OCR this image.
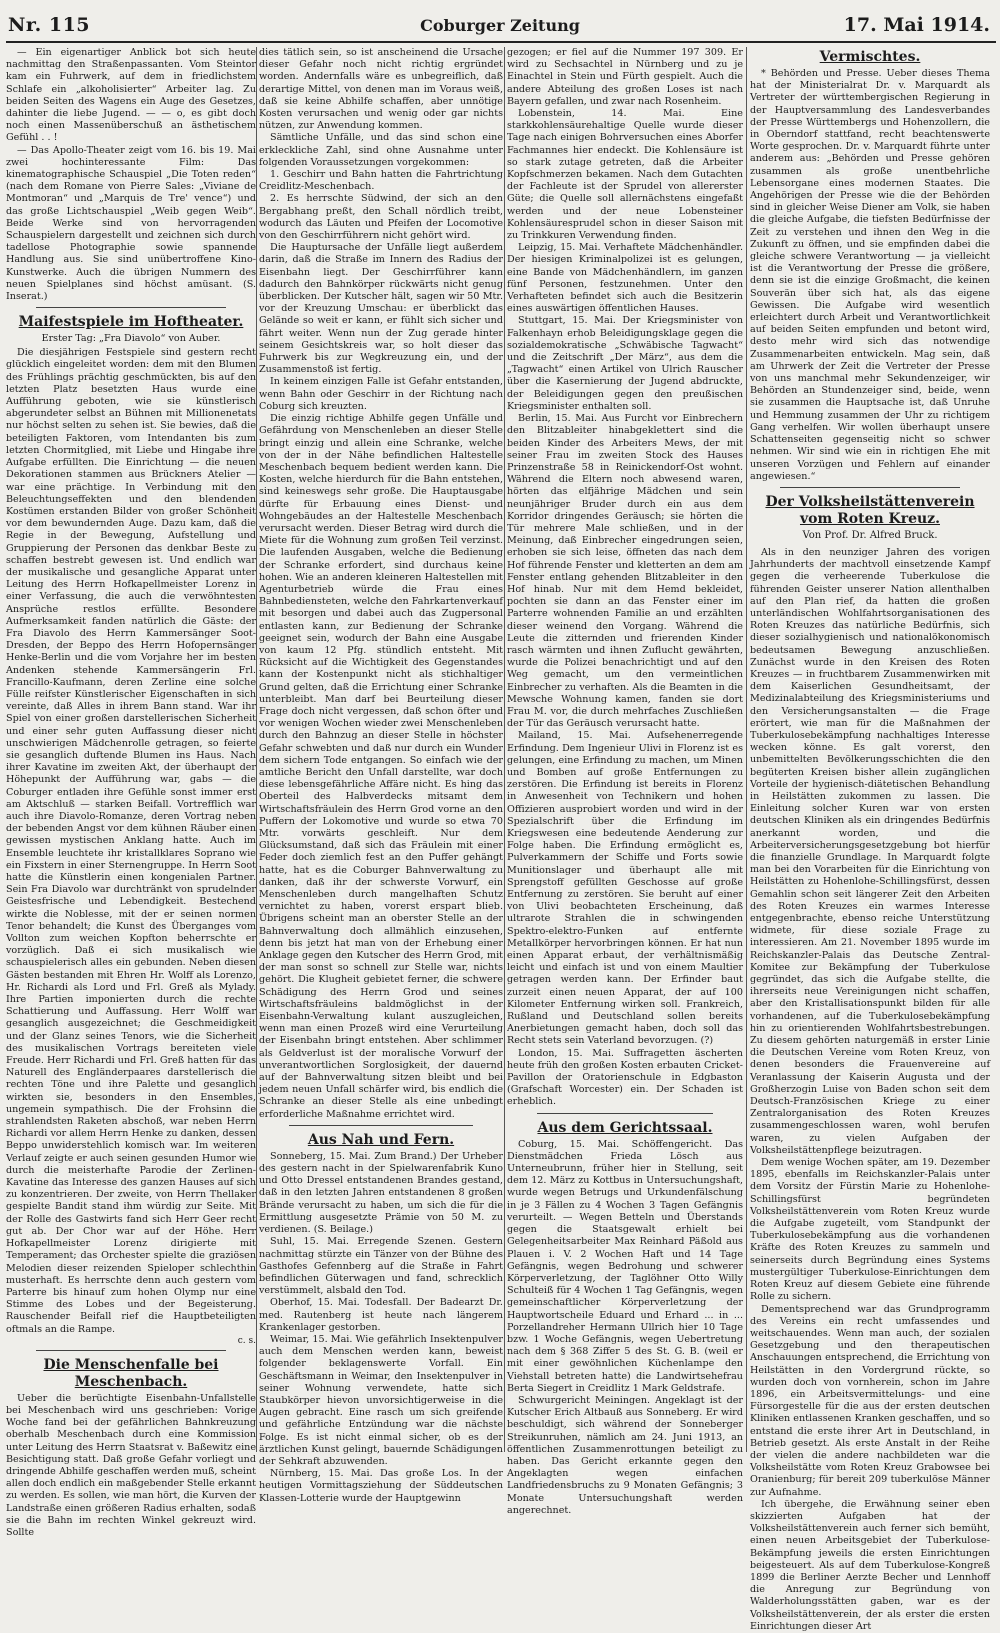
Nr. 115	Coburger Zeitung	17. Mai 1914.

— Ein eigenartiger Anblick bot sich heute nachmittag den Straßenpassanten. Vom Steintor kam ein Fuhrwerk, auf dem in friedlichstem Schlafe ein „alkoholisierter“ Arbeiter lag. Zu beiden Seiten des Wagens ein Auge des Gesetzes, dahinter die liebe Jugend. — — o, es gibt doch noch einen Massenüberschuß an ästhetischem Gefühl . . !

— Das Apollo-Theater zeigt vom 16. bis 19. Mai zwei hochinteressante Film: Das kinematographische Schauspiel „Die Toten reden“ (nach dem Romane von Pierre Sales: „Viviane de Montmoran“ und „Marquis de Tre' vence“) und das große Lichtschauspiel „Weib gegen Weib“. Beide Werke sind von hervorragenden Schauspielern dargestellt und zeichnen sich durch tadellose Photographie sowie spannende Handlung aus. Sie sind unübertroffene Kino-Kunstwerke. Auch die übrigen Nummern des neuen Spielplanes sind höchst amüsant. (S. Inserat.)

Maifestspiele im Hoftheater.
Erster Tag: „Fra Diavolo“ von Auber.

Die diesjährigen Festspiele sind gestern recht glücklich eingeleitet worden: dem mit den Blumen des Frühlings prächtig geschmückten, bis auf den letzten Platz besetzten Haus wurde eine Aufführung geboten, wie sie künstlerisch abgerundeter selbst an Bühnen mit Millionenetats nur höchst selten zu sehen ist. Sie bewies, daß die beteiligten Faktoren, vom Intendanten bis zum letzten Chormitglied, mit Liebe und Hingabe ihre Aufgabe erfüllten. Die Einrichtung — die neuen Dekorationen stammen aus Brückners Atelier — war eine prächtige. In Verbindung mit den Beleuchtungseffekten und den blendenden Kostümen erstanden Bilder von großer Schönheit vor dem bewundernden Auge. Dazu kam, daß die Regie in der Bewegung, Aufstellung und Gruppierung der Personen das denkbar Beste zu schaffen bestrebt gewesen ist. Und endlich war der musikalische und gesangliche Apparat unter Leitung des Herrn Hofkapellmeister Lorenz in einer Verfassung, die auch die verwöhntesten Ansprüche restlos erfüllte. Besondere Aufmerksamkeit fanden natürlich die Gäste: der Fra Diavolo des Herrn Kammersänger Soot-Dresden, der Beppo des Herrn Hofopernsänger Henke-Berlin und die vom Vorjahre her im besten Andenken stehende Kammersängerin Frl. Francillo-Kaufmann, deren Zerline eine solche Fülle reifster Künstlerischer Eigenschaften in sich vereinte, daß Alles in ihrem Bann stand. War ihr Spiel von einer großen darstellerischen Sicherheit und einer sehr guten Auffassung dieser nicht unschwierigen Mädchenrolle getragen, so feierte sie gesanglich duftende Blumen ins Haus. Nach ihrer Kavatine im zweiten Akt, der überhaupt der Höhepunkt der Aufführung war, gabs — die Coburger entladen ihre Gefühle sonst immer erst am Aktschluß — starken Beifall. Vortrefflich war auch ihre Diavolo-Romanze, deren Vortrag neben der bebenden Angst vor dem kühnen Räuber einen gewissen mystischen Anklang hatte. Auch im Ensemble leuchtete ihr kristallklares Soprano wie ein Fixstern in einer Sternengruppe. In Herrn Soot hatte die Künstlerin einen kongenialen Partner. Sein Fra Diavolo war durchtränkt von sprudelnder Geistesfrische und Lebendigkeit. Bestechend wirkte die Noblesse, mit der er seinen normen Tenor behandelt; die Kunst des Überganges vom Vollton zum weichen Kopfton beherrschte er vorzüglich. Daß ei sich musikalisch wie schauspielerisch alles ein gebunden. Neben diesen Gästen bestanden mit Ehren Hr. Wolff als Lorenzo, Hr. Richardi als Lord und Frl. Greß als Mylady. Ihre Partien imponierten durch die rechte Schattierung und Auffassung. Herr Wolff war gesanglich ausgezeichnet; die Geschmeidigkeit und der Glanz seines Tenors, wie die Sicherheit des musikalischen Vortrags bereiteten viele Freude. Herr Richardi und Frl. Greß hatten für das Naturell des Engländerpaares darstellerisch die rechten Töne und ihre Palette und gesanglich wirkten sie, besonders in den Ensembles, ungemein sympathisch. Die der Frohsinn die strahlendsten Raketen abschoß, war neben Herrn Richardi vor allem Herrn Henke zu danken, dessen Beppo unwiderstehlich komisch war. Im weiteren Verlauf zeigte er auch seinen gesunden Humor wie durch die meisterhafte Parodie der Zerlinen-Kavatine das Interesse des ganzen Hauses auf sich zu konzentrieren. Der zweite, von Herrn Thellaker gespielte Bandit stand ihm würdig zur Seite. Mit der Rolle des Gastwirts fand sich Herr Geer recht gut ab. Der Chor war auf der Höhe. Herr Hofkapellmeister Lorenz dirigierte mit Temperament; das Orchester spielte die graziösen Melodien dieser reizenden Spieloper schlechthin musterhaft. Es herrschte denn auch gestern vom Parterre bis hinauf zum hohen Olymp nur eine Stimme des Lobes und der Begeisterung. Rauschender Beifall rief die Hauptbeteiligten oftmals an die Rampe.

c. s.
Die Menschenfalle bei Meschenbach.

Ueber die berüchtigte Eisenbahn-Unfallstelle bei Meschenbach wird uns geschrieben: Vorige Woche fand bei der gefährlichen Bahnkreuzung oberhalb Meschenbach durch eine Kommission unter Leitung des Herrn Staatsrat v. Baßewitz eine Besichtigung statt. Daß große Gefahr vorliegt und dringende Abhilfe geschaffen werden muß, scheint allen doch endlich ein maßgebender Stelle erkannt zu werden. Es sollen, wie man hört, die Kurven der Landstraße einen größeren Radius erhalten, sodaß sie die Bahn im rechten Winkel gekreuzt wird. Sollte

dies tätlich sein, so ist anscheinend die Ursache dieser Gefahr noch nicht richtig ergründet worden. Andernfalls wäre es unbegreiflich, daß derartige Mittel, von denen man im Voraus weiß, daß sie keine Abhilfe schaffen, aber unnötige Kosten verursachen und wenig oder gar nichts nützen, zur Anwendung kommen.

Sämtliche Unfälle, und das sind schon eine erkleckliche Zahl, sind ohne Ausnahme unter folgenden Voraussetzungen vorgekommen:

1. Geschirr und Bahn hatten die Fahrtrichtung Creidlitz-Meschenbach.

2. Es herrschte Südwind, der sich an den Bergabhang preßt, den Schall nördlich treibt, wodurch das Läuten und Pfeifen der Locomotive von den Geschirrführern nicht gehört wird.

Die Hauptursache der Unfälle liegt außerdem darin, daß die Straße im Innern des Radius der Eisenbahn liegt. Der Geschirrführer kann dadurch den Bahnkörper rückwärts nicht genug überblicken. Der Kutscher hält, sagen wir 50 Mtr. vor der Kreuzung Umschau: er überblickt das Gelände so weit er kann, er fühlt sich sicher und fährt weiter. Wenn nun der Zug gerade hinter seinem Gesichtskreis war, so holt dieser das Fuhrwerk bis zur Wegkreuzung ein, und der Zusammenstoß ist fertig.

In keinem einzigen Falle ist Gefahr entstanden, wenn Bahn oder Geschirr in der Richtung nach Coburg sich kreuzten.

Die einzig richtige Abhilfe gegen Unfälle und Gefährdung von Menschenleben an dieser Stelle bringt einzig und allein eine Schranke, welche von der in der Nähe befindlichen Haltestelle Meschenbach bequem bedient werden kann. Die Kosten, welche hierdurch für die Bahn entstehen, sind keineswegs sehr große. Die Hauptausgabe dürfte für Erbauung eines Dienst- und Wohngebäudes an der Haltestelle Meschenbach verursacht werden. Dieser Betrag wird durch die Miete für die Wohnung zum großen Teil verzinst. Die laufenden Ausgaben, welche die Bedienung der Schranke erfordert, sind durchaus keine hohen. Wie an anderen kleineren Haltestellen mit Agenturbetrieb würde die Frau eines Bahnbediensteten, welche den Fahrkartenverkauf mit besorgen und dabei auch das Zugpersonal entlasten kann, zur Bedienung der Schranke geeignet sein, wodurch der Bahn eine Ausgabe von kaum 12 Pfg. stündlich entsteht. Mit Rücksicht auf die Wichtigkeit des Gegenstandes kann der Kostenpunkt nicht als stichhaltiger Grund gelten, daß die Errichtung einer Schranke unterbleibt. Man darf bei Beurteilung dieser Frage doch nicht vergessen, daß schon öfter und vor wenigen Wochen wieder zwei Menschenleben durch den Bahnzug an dieser Stelle in höchster Gefahr schwebten und daß nur durch ein Wunder dem sichern Tode entgangen. So einfach wie der amtliche Bericht den Unfall darstellte, war doch diese lebensgefährliche Affäre nicht. Es hing das Oberteil des Halbverdecks mitsamt dem Wirtschaftsfräulein des Herrn Grod vorne an den Puffern der Lokomotive und wurde so etwa 70 Mtr. vorwärts geschleift. Nur dem Glücksumstand, daß sich das Fräulein mit einer Feder doch ziemlich fest an den Puffer gehängt hatte, hat es die Coburger Bahnverwaltung zu danken, daß ihr der schwerste Vorwurf, ein Menschenleben durch mangelhaften Schutz vernichtet zu haben, vorerst erspart blieb. Übrigens scheint man an oberster Stelle an der Bahnverwaltung doch allmählich einzusehen, denn bis jetzt hat man von der Erhebung einer Anklage gegen den Kutscher des Herrn Grod, mit der man sonst so schnell zur Stelle war, nichts gehört. Die Klugheit gebietet ferner, die schwere Schädigung des Herrn Grod und seines Wirtschaftsfräuleins baldmöglichst in der Eisenbahn-Verwaltung kulant auszugleichen, wenn man einen Prozeß wird eine Verurteilung der Eisenbahn bringt entstehen. Aber schlimmer als Geldverlust ist der moralische Vorwurf der unverantwortlichen Sorglosigkeit, der dauernd auf der Bahnverwaltung sitzen bleibt und bei jedem neuen Unfall schärfer wird, bis endlich die Schranke an dieser Stelle als eine unbedingt erforderliche Maßnahme errichtet wird.

Aus Nah und Fern.

Sonneberg, 15. Mai. Zum Brand.) Der Urheber des gestern nacht in der Spielwarenfabrik Kuno und Otto Dressel entstandenen Brandes gestand, daß in den letzten Jahren entstandenen 8 großen Brände verursacht zu haben, um sich die für die Ermittlung ausgesetzte Prämie von 50 M. zu verdienen. (S. Beilage.)

Suhl, 15. Mai. Erregende Szenen. Gestern nachmittag stürzte ein Tänzer von der Bühne des Gasthofes Gefennberg auf die Straße in Fahrt befindlichen Güterwagen und fand, schrecklich verstümmelt, alsbald den Tod.

Oberhof, 15. Mai. Todesfall. Der Badearzt Dr. med. Rautenberg ist heute nach längerem Krankenlager gestorben.

Weimar, 15. Mai. Wie gefährlich Insektenpulver auch dem Menschen werden kann, beweist folgender beklagenswerte Vorfall. Ein Geschäftsmann in Weimar, den Insektenpulver in seiner Wohnung verwendete, hatte sich Staubkörper hievon unvorsichtigerweise in die Augen gebracht. Eine rasch um sich greifende und gefährliche Entzündung war die nächste Folge. Es ist nicht einmal sicher, ob es der ärztlichen Kunst gelingt, bauernde Schädigungen der Sehkraft abzuwenden.

Nürnberg, 15. Mai. Das große Los. In der heutigen Vormittagsziehung der Süddeutschen Klassen-Lotterie wurde der Hauptgewinn

gezogen; er fiel auf die Nummer 197 309. Er wird zu Sechsachtel in Nürnberg und zu je Einachtel in Stein und Fürth gespielt. Auch die andere Abteilung des großen Loses ist nach Bayern gefallen, und zwar nach Rosenheim.

Lobenstein, 14. Mai. Eine starkkohlensäurehaltige Quelle wurde dieser Tage nach einigen Bohrversuchen eines Aborfer Fachmannes hier endeckt. Die Kohlensäure ist so stark zutage getreten, daß die Arbeiter Kopfschmerzen bekamen. Nach dem Gutachten der Fachleute ist der Sprudel von allererster Güte; die Quelle soll allernächstens eingefaßt werden und der neue Lobensteiner Kohlensäuresprudel schon in dieser Saison mit zu Trinkkuren Verwendung finden.

Leipzig, 15. Mai. Verhaftete Mädchenhändler. Der hiesigen Kriminalpolizei ist es gelungen, eine Bande von Mädchenhändlern, im ganzen fünf Personen, festzunehmen. Unter den Verhafteten befindet sich auch die Besitzerin eines auswärtigen öffentlichen Hauses.

Stuttgart, 15. Mai. Der Kriegsminister von Falkenhayn erhob Beleidigungsklage gegen die sozialdemokratische „Schwäbische Tagwacht“ und die Zeitschrift „Der März“, aus dem die „Tagwacht“ einen Artikel von Ulrich Rauscher über die Kasernierung der Jugend abdruckte, der Beleidigungen gegen den preußischen Kriegsminister enthalten soll.

Berlin, 15. Mai. Aus Furcht vor Einbrechern den Blitzableiter hinabgeklettert sind die beiden Kinder des Arbeiters Mews, der mit seiner Frau im zweiten Stock des Hauses Prinzenstraße 58 in Reinickendorf-Ost wohnt. Während die Eltern noch abwesend waren, hörten das elfjährige Mädchen und sein neunjähriger Bruder durch ein aus dem Korridor dringendes Geräusch; sie hörten die Tür mehrere Male schließen, und in der Meinung, daß Einbrecher eingedrungen seien, erhoben sie sich leise, öffneten das nach dem Hof führende Fenster und kletterten an dem am Fenster entlang gehenden Blitzableiter in den Hof hinab. Nur mit dem Hemd bekleidet, pochten sie dann an das Fenster einer im Parterre wohnenden Familie an und erzählten dieser weinend den Vorgang. Während die Leute die zitternden und frierenden Kinder rasch wärmten und ihnen Zuflucht gewährten, wurde die Polizei benachrichtigt und auf den Weg gemacht, um den vermeintlichen Einbrecher zu verhaften. Als die Beamten in die Mewsche Wohnung kamen, fanden sie dort Frau M. vor, die durch mehrfaches Zuschließen der Tür das Geräusch verursacht hatte.

Mailand, 15. Mai. Aufsehenerregende Erfindung. Dem Ingenieur Ulivi in Florenz ist es gelungen, eine Erfindung zu machen, um Minen und Bomben auf große Entfernungen zu zerstören. Die Erfindung ist bereits in Florenz in Anwesenheit von Technikern und hohen Offizieren ausprobiert worden und wird in der Spezialschrift über die Erfindung im Kriegswesen eine bedeutende Aenderung zur Folge haben. Die Erfindung ermöglicht es, Pulverkammern der Schiffe und Forts sowie Munitionslager und überhaupt alle mit Sprengstoff gefüllten Geschosse auf große Entfernung zu zerstören. Sie beruht auf einer von Ulivi beobachteten Erscheinung, daß ultrarote Strahlen die in schwingenden Spektro-elektro-Funken auf entfernte Metallkörper hervorbringen können. Er hat nun einen Apparat erbaut, der verhältnismäßig leicht und einfach ist und von einem Maultier getragen werden kann. Der Erfinder baut zurzeit einen neuen Apparat, der auf 100 Kilometer Entfernung wirken soll. Frankreich, Rußland und Deutschland sollen bereits Anerbietungen gemacht haben, doch soll das Recht stets sein Vaterland bevorzugen. (?)

London, 15. Mai. Suffragetten äscherten heute früh den großen Kosten erbauten Cricket-Pavillon der Oratorienschule in Edgbaston (Grafschaft Worcester) ein. Der Schaden ist erheblich.

Aus dem Gerichtssaal.

Coburg, 15. Mai. Schöffengericht. Das Dienstmädchen Frieda Lösch aus Unterneubrunn, früher hier in Stellung, seit dem 12. März zu Kottbus in Untersuchungshaft, wurde wegen Betrugs und Urkundenfälschung in je 3 Fällen zu 4 Wochen 3 Tagen Gefängnis verurteilt. — Wegen Betteln und Überstands gegen die Staatsgewalt erhielt bei Gelegenheitsarbeiter Max Reinhard Päßold aus Plauen i. V. 2 Wochen Haft und 14 Tage Gefängnis, wegen Bedrohung und schwerer Körperverletzung, der Taglöhner Otto Willy Schulteiß für 4 Wochen 1 Tag Gefängnis, wegen gemeinschaftlicher Körperverletzung der Hauptwortscheile Eduard und Erhard ... in ... Porzellandreher Hermann Ullrich hier 10 Tage bzw. 1 Woche Gefängnis, wegen Uebertretung nach dem § 368 Ziffer 5 des St. G. B. (weil er mit einer gewöhnlichen Küchenlampe den Viehstall betreten hatte) die Landwirtsehefrau Berta Siegert in Creidlitz 1 Mark Geldstrafe.

Schwurgericht Meiningen. Angeklagt ist der Kutscher Erich Altbauß aus Sonneberg. Er wird beschuldigt, sich während der Sonneberger Streikunruhen, nämlich am 24. Juni 1913, an öffentlichen Zusammenrottungen beteiligt zu haben. Das Gericht erkannte gegen den Angeklagten wegen einfachen Landfriedensbruchs zu 9 Monaten Gefängnis; 3 Monate Untersuchungshaft werden angerechnet.

Vermischtes.

* Behörden und Presse. Ueber dieses Thema hat der Ministerialrat Dr. v. Marquardt als Vertreter der württembergischen Regierung in der Hauptversammlung des Landesverbandes der Presse Württembergs und Hohenzollern, die in Oberndorf stattfand, recht beachtenswerte Worte gesprochen. Dr. v. Marquardt führte unter anderem aus: „Behörden und Presse gehören zusammen als große unentbehrliche Lebensorgane eines modernen Staates. Die Angehörigen der Presse wie die der Behörden sind in gleicher Weise Diener am Volk, sie haben die gleiche Aufgabe, die tiefsten Bedürfnisse der Zeit zu verstehen und ihnen den Weg in die Zukunft zu öffnen, und sie empfinden dabei die gleiche schwere Verantwortung — ja vielleicht ist die Verantwortung der Presse die größere, denn sie ist die einzige Großmacht, die keinen Souverän über sich hat, als das eigene Gewissen. Die Aufgabe wird wesentlich erleichtert durch Arbeit und Verantwortlichkeit auf beiden Seiten empfunden und betont wird, desto mehr wird sich das notwendige Zusammenarbeiten entwickeln. Mag sein, daß am Uhrwerk der Zeit die Vertreter der Presse von uns manchmal mehr Sekundenzeiger, wir Behörden an Stundenzeiger sind, beide, wenn sie zusammen die Hauptsache ist, daß Unruhe und Hemmung zusammen der Uhr zu richtigem Gang verhelfen. Wir wollen überhaupt unsere Schattenseiten gegenseitig nicht so schwer nehmen. Wir sind wie ein in richtigen Ehe mit unseren Vorzügen und Fehlern auf einander angewiesen.“

Der Volksheilstättenverein vom Roten Kreuz.
Von Prof. Dr. Alfred Bruck.

Als in den neunziger Jahren des vorigen Jahrhunderts der machtvoll einsetzende Kampf gegen die verheerende Tuberkulose die führenden Geister unserer Nation allenthalben auf den Plan rief, da hatten die großen unterländischen Wohlfahrtsorganisationen des Roten Kreuzes das natürliche Bedürfnis, sich dieser sozialhygienisch und nationalökonomisch bedeutsamen Bewegung anzuschließen. Zunächst wurde in den Kreisen des Roten Kreuzes — in fruchtbarem Zusammenwirken mit dem Kaiserlichen Gesundheitsamt, der Medizinalabteilung des Kriegsministeriums und den Versicherungsanstalten — die Frage erörtert, wie man für die Maßnahmen der Tuberkulosebekämpfung nachhaltiges Interesse wecken könne. Es galt vorerst, den unbemittelten Bevölkerungsschichten die den begüterten Kreisen bisher allein zugänglichen Vorteile der hygienisch-diätetischen Behandlung in Heilstätten zukommen zu lassen. Die Einleitung solcher Kuren war von ersten deutschen Kliniken als ein dringendes Bedürfnis anerkannt worden, und die Arbeiterversicherungsgesetzgebung bot hierfür die finanzielle Grundlage. In Marquardt folgte man bei den Vorarbeiten für die Einrichtung von Heilstätten zu Hohenlohe-Schillingsfürst, dessen Gemahlin schon seit längerer Zeit den Arbeiten des Roten Kreuzes ein warmes Interesse entgegenbrachte, ebenso reiche Unterstützung widmete, für diese soziale Frage zu interessieren. Am 21. November 1895 wurde im Reichskanzler-Palais das Deutsche Zentral-Komitee zur Bekämpfung der Tuberkulose gegründet, das sich die Aufgabe stellte, die ihrerseits neue Vereinigungen nicht schaffen, aber den Kristallisationspunkt bilden für alle vorhandenen, auf die Tuberkulosebekämpfung hin zu orientierenden Wohlfahrtsbestrebungen. Zu diesem gehörten naturgemäß in erster Linie die Deutschen Vereine vom Roten Kreuz, von denen besonders die Frauenvereine auf Veranlassung der Kaiserin Augusta und der Großherzogin Luise von Baden schon seit dem Deutsch-Französischen Kriege zu einer Zentralorganisation des Roten Kreuzes zusammengeschlossen waren, wohl berufen waren, zu vielen Aufgaben der Volksheilstättenpflege beizutragen.

Dem wenige Wochen später, am 19. Dezember 1895, ebenfalls im Reichskanzler-Palais unter dem Vorsitz der Fürstin Marie zu Hohenlohe-Schillingsfürst begründeten Volksheilstättenverein vom Roten Kreuz wurde die Aufgabe zugeteilt, vom Standpunkt der Tuberkulosebekämpfung aus die vorhandenen Kräfte des Roten Kreuzes zu sammeln und seinerseits durch Begründung eines Systems mustergültiger Tuberkulose-Einrichtungen dem Roten Kreuz auf diesem Gebiete eine führende Rolle zu sichern.

Dementsprechend war das Grundprogramm des Vereins ein recht umfassendes und weitschauendes. Wenn man auch, der sozialen Gesetzgebung und den therapeutischen Anschauungen entsprechend, die Errichtung von Heilstätten in den Vordergrund rückte, so wurden doch von vornherein, schon im Jahre 1896, ein Arbeitsvermittelungs- und eine Fürsorgestelle für die aus der ersten deutschen Kliniken entlassenen Kranken geschaffen, und so entstand die erste ihrer Art in Deutschland, in Betrieb gesetzt. Als erste Anstalt in der Reihe der vielen die andere nachbildeten war die Volksheilstätte vom Roten Kreuz Grabowsee bei Oranienburg; für bereit 209 tuberkulöse Männer zur Aufnahme.

Ich übergehe, die Erwähnung seiner eben skizzierten Aufgaben hat der Volksheilstättenverein auch ferner sich bemüht, einen neuen Arbeitsgebiet der Tuberkulose-Bekämpfung jeweils die ersten Einrichtungen beigesteuert. Als auf dem Tuberkulose-Kongreß 1899 die Berliner Aerzte Becher und Lennhoff die Anregung zur Begründung von Walderholungsstätten gaben, war es der Volksheilstättenverein, der als erster die ersten Einrichtungen dieser Art
